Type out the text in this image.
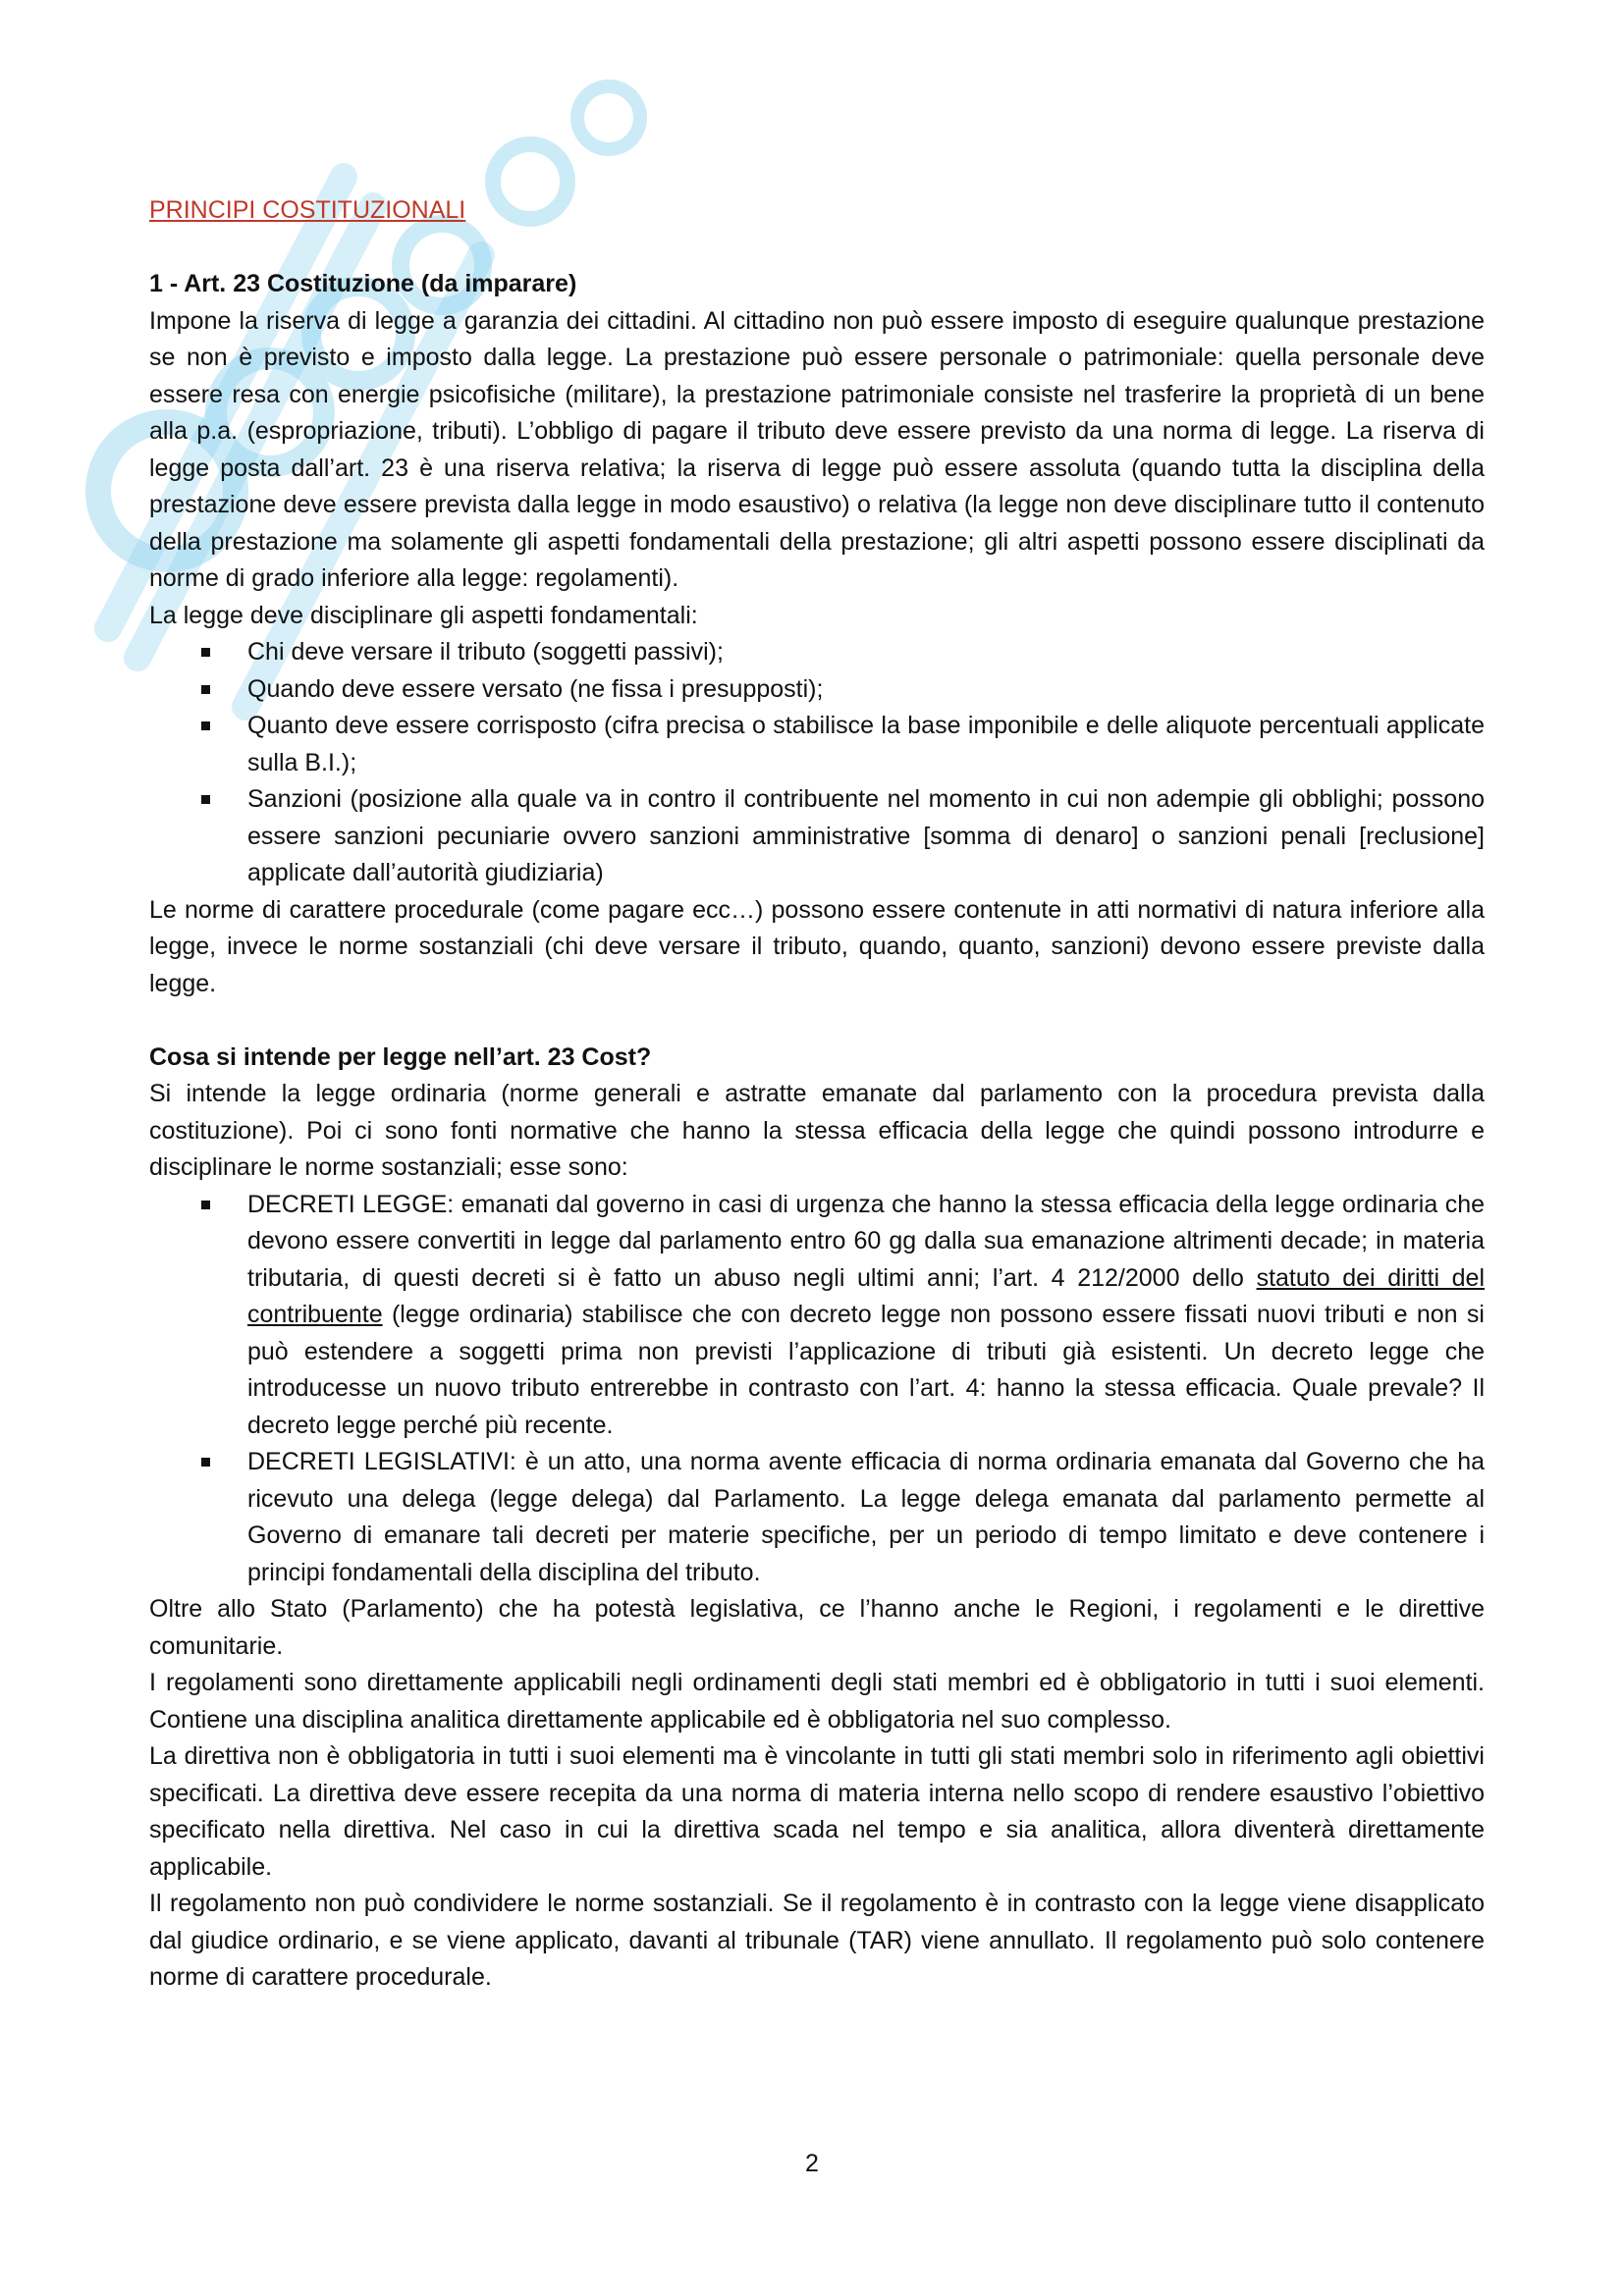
PRINCIPI COSTITUZIONALI

1 - Art. 23 Costituzione (da imparare)

Impone la riserva di legge a garanzia dei cittadini. Al cittadino non può essere imposto di eseguire qualunque prestazione se non è previsto e imposto dalla legge. La prestazione può essere personale o patrimoniale: quella personale deve essere resa con energie psicofisiche (militare), la prestazione patrimoniale consiste nel trasferire la proprietà di un bene alla p.a. (espropriazione, tributi). L’obbligo di pagare il tributo deve essere previsto da una norma di legge. La riserva di legge posta dall’art. 23 è una riserva relativa; la riserva di legge può essere assoluta (quando tutta la disciplina della prestazione deve essere prevista dalla legge in modo esaustivo) o relativa (la legge non deve disciplinare tutto il contenuto della prestazione ma solamente gli aspetti fondamentali della prestazione; gli altri aspetti possono essere disciplinati da norme di grado inferiore alla legge: regolamenti).

La legge deve disciplinare gli aspetti fondamentali:

Chi deve versare il tributo (soggetti passivi);
Quando deve essere versato (ne fissa i presupposti);
Quanto deve essere corrisposto (cifra precisa o stabilisce la base imponibile e delle aliquote percentuali applicate sulla B.I.);
Sanzioni (posizione alla quale va in contro il contribuente nel momento in cui non adempie gli obblighi; possono essere sanzioni pecuniarie ovvero sanzioni amministrative [somma di denaro] o sanzioni penali [reclusione] applicate dall’autorità giudiziaria)

Le norme di carattere procedurale (come pagare ecc…) possono essere contenute in atti normativi di natura inferiore alla legge, invece le norme sostanziali (chi deve versare il tributo, quando, quanto, sanzioni) devono essere previste dalla legge.

Cosa si intende per legge nell’art. 23 Cost?

Si intende la legge ordinaria (norme generali e astratte emanate dal parlamento con la procedura prevista dalla costituzione). Poi ci sono fonti normative che hanno la stessa efficacia della legge che quindi possono introdurre e disciplinare le norme sostanziali; esse sono:

DECRETI LEGGE: emanati dal governo in casi di urgenza che hanno la stessa efficacia della legge ordinaria che devono essere convertiti in legge dal parlamento entro 60 gg dalla sua emanazione altrimenti decade; in materia tributaria, di questi decreti si è fatto un abuso negli ultimi anni; l’art. 4 212/2000 dello statuto dei diritti del contribuente (legge ordinaria) stabilisce che con decreto legge non possono essere fissati nuovi tributi e non si può estendere a soggetti prima non previsti l’applicazione di tributi già esistenti. Un decreto legge che introducesse un nuovo tributo entrerebbe in contrasto con l’art. 4: hanno la stessa efficacia. Quale prevale? Il decreto legge perché più recente.
DECRETI LEGISLATIVI: è un atto, una norma avente efficacia di norma ordinaria emanata dal Governo che ha ricevuto una delega (legge delega) dal Parlamento. La legge delega emanata dal parlamento permette al Governo di emanare tali decreti per materie specifiche, per un periodo di tempo limitato e deve contenere i principi fondamentali della disciplina del tributo.

Oltre allo Stato (Parlamento) che ha potestà legislativa, ce l’hanno anche le Regioni, i regolamenti e le direttive comunitarie.

I regolamenti sono direttamente applicabili negli ordinamenti degli stati membri ed è obbligatorio in tutti i suoi elementi. Contiene una disciplina analitica direttamente applicabile ed è obbligatoria nel suo complesso.

La direttiva non è obbligatoria in tutti i suoi elementi ma è vincolante in tutti gli stati membri solo in riferimento agli obiettivi specificati. La direttiva deve essere recepita da una norma di materia interna nello scopo di rendere esaustivo l’obiettivo specificato nella direttiva. Nel caso in cui la direttiva scada nel tempo e sia analitica, allora diventerà direttamente applicabile.

Il regolamento non può condividere le norme sostanziali. Se il regolamento è in contrasto con la legge viene disapplicato dal giudice ordinario, e se viene applicato, davanti al tribunale (TAR) viene annullato. Il regolamento può solo contenere norme di carattere procedurale.

2
